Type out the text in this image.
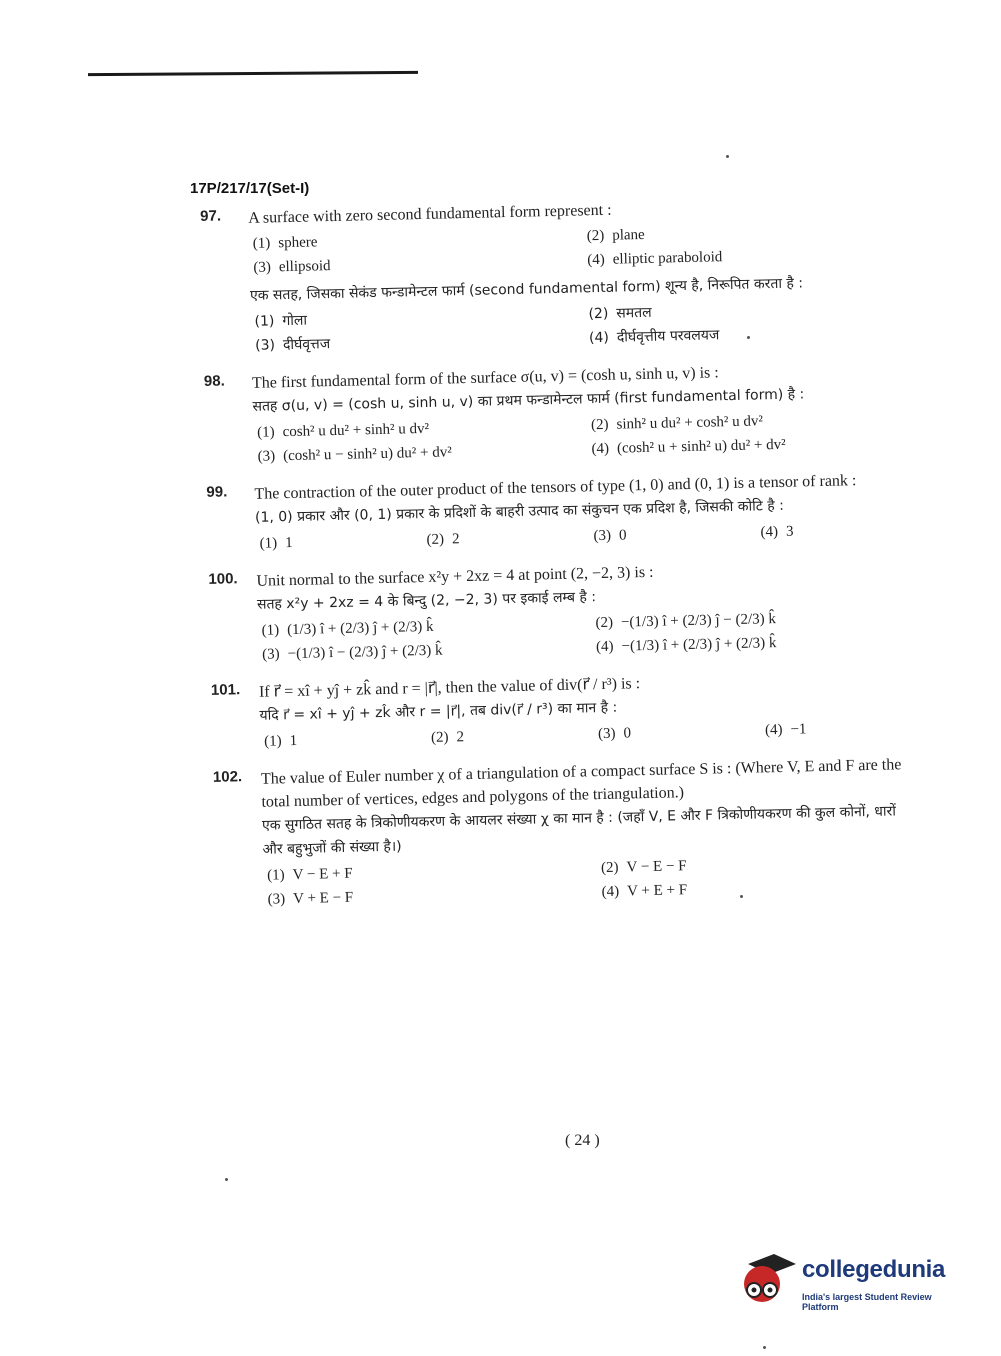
17P/217/17(Set-I)
97. A surface with zero second fundamental form represent :
(1) sphere	(2) plane
(3) ellipsoid	(4) elliptic paraboloid
एक सतह, जिसका सेकंड फन्डामेन्टल फार्म (second fundamental form) शून्य है, निरूपित करता है :
(1) गोला	(2) समतल
(3) दीर्घवृत्तज	(4) दीर्घवृत्तीय परवलयज
98. The first fundamental form of the surface σ(u, v) = (cosh u, sinh u, v) is :
सतह σ(u, v) = (cosh u, sinh u, v) का प्रथम फन्डामेन्टल फार्म (first fundamental form) है :
(1) cosh² u du² + sinh² u dv²	(2) sinh² u du² + cosh² u dv²
(3) (cosh² u − sinh² u) du² + dv²	(4) (cosh² u + sinh² u) du² + dv²
99. The contraction of the outer product of the tensors of type (1, 0) and (0, 1) is a tensor of rank :
(1, 0) प्रकार और (0, 1) प्रकार के प्रदिशों के बाहरी उत्पाद का संकुचन एक प्रदिश है, जिसकी कोटि है :
(1) 1	(2) 2	(3) 0	(4) 3
100. Unit normal to the surface x²y + 2xz = 4 at point (2, −2, 3) is :
सतह x²y + 2xz = 4 के बिन्दु (2, −2, 3) पर इकाई लम्ब है :
(1) (1/3) î + (2/3) ĵ + (2/3) k̂	(2) −(1/3) î + (2/3) ĵ − (2/3) k̂
(3) −(1/3) î − (2/3) ĵ + (2/3) k̂	(4) −(1/3) î + (2/3) ĵ + (2/3) k̂
101. If r⃗ = xî + yĵ + zk̂ and r = |r⃗|, then the value of div(r⃗ / r³) is :
यदि r⃗ = xî + yĵ + zk̂ और r = |r⃗|, तब div(r⃗ / r³) का मान है :
(1) 1	(2) 2	(3) 0	(4) −1
102. The value of Euler number χ of a triangulation of a compact surface S is : (Where V, E and F are the total number of vertices, edges and polygons of the triangulation.)
एक सुगठित सतह के त्रिकोणीयकरण के आयलर संख्या χ का मान है : (जहाँ V, E और F त्रिकोणीयकरण की कुल कोनों, धारों और बहुभुजों की संख्या है।)
(1) V − E + F	(2) V − E − F
(3) V + E − F	(4) V + E + F
( 24 )
collegedunia
India's largest Student Review Platform
